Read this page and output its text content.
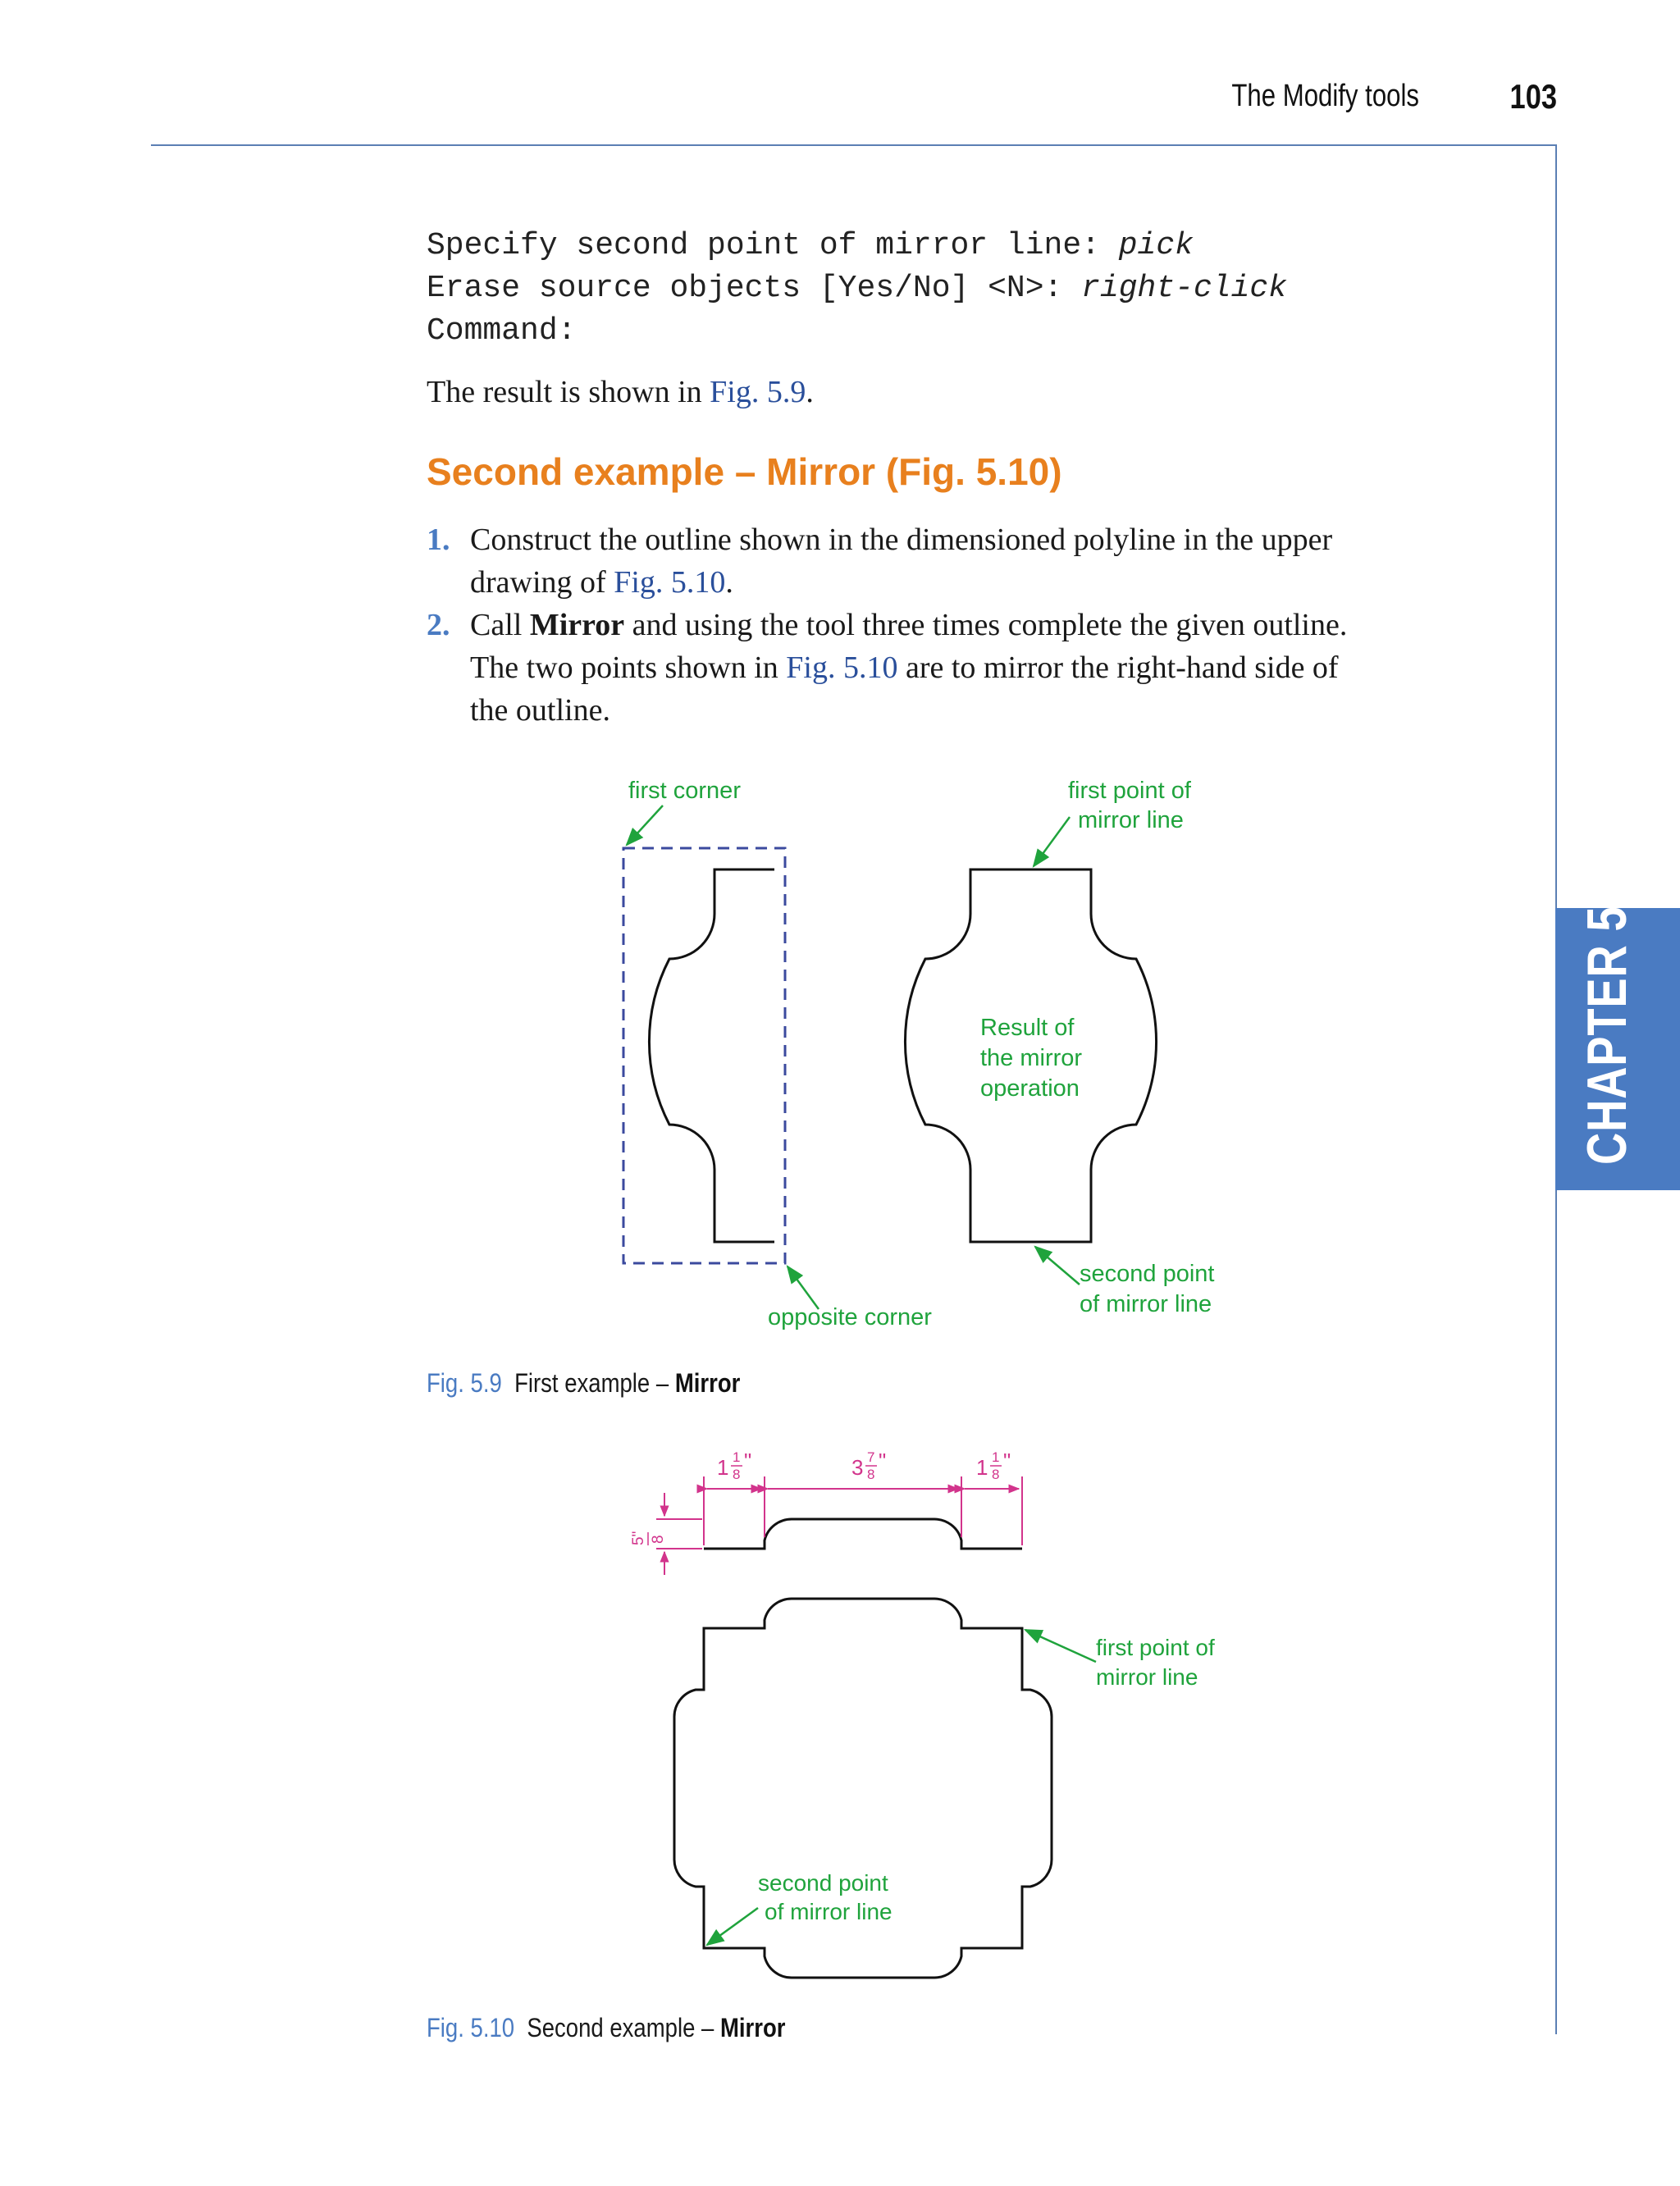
The Modify tools	103
CHAPTER 5
Specify second point of mirror line: pick
Erase source objects [Yes/No] <N>: right-click
Command:
The result is shown in Fig. 5.9.
Second example – Mirror (Fig. 5.10)
1. Construct the outline shown in the dimensioned polyline in the upper
drawing of Fig. 5.10.
2. Call Mirror and using the tool three times complete the given outline.
The two points shown in Fig. 5.10 are to mirror the right-hand side of
the outline.
first corner	first point of
mirror line
Result of
the mirror
operation
second point
of mirror line
opposite corner
Fig. 5.9 First example – Mirror
1 1
8
"	3 7
8
"	1 1
8
"
5" 8
first point of
mirror line
second point
of mirror line
Fig. 5.10 Second example – Mirror
